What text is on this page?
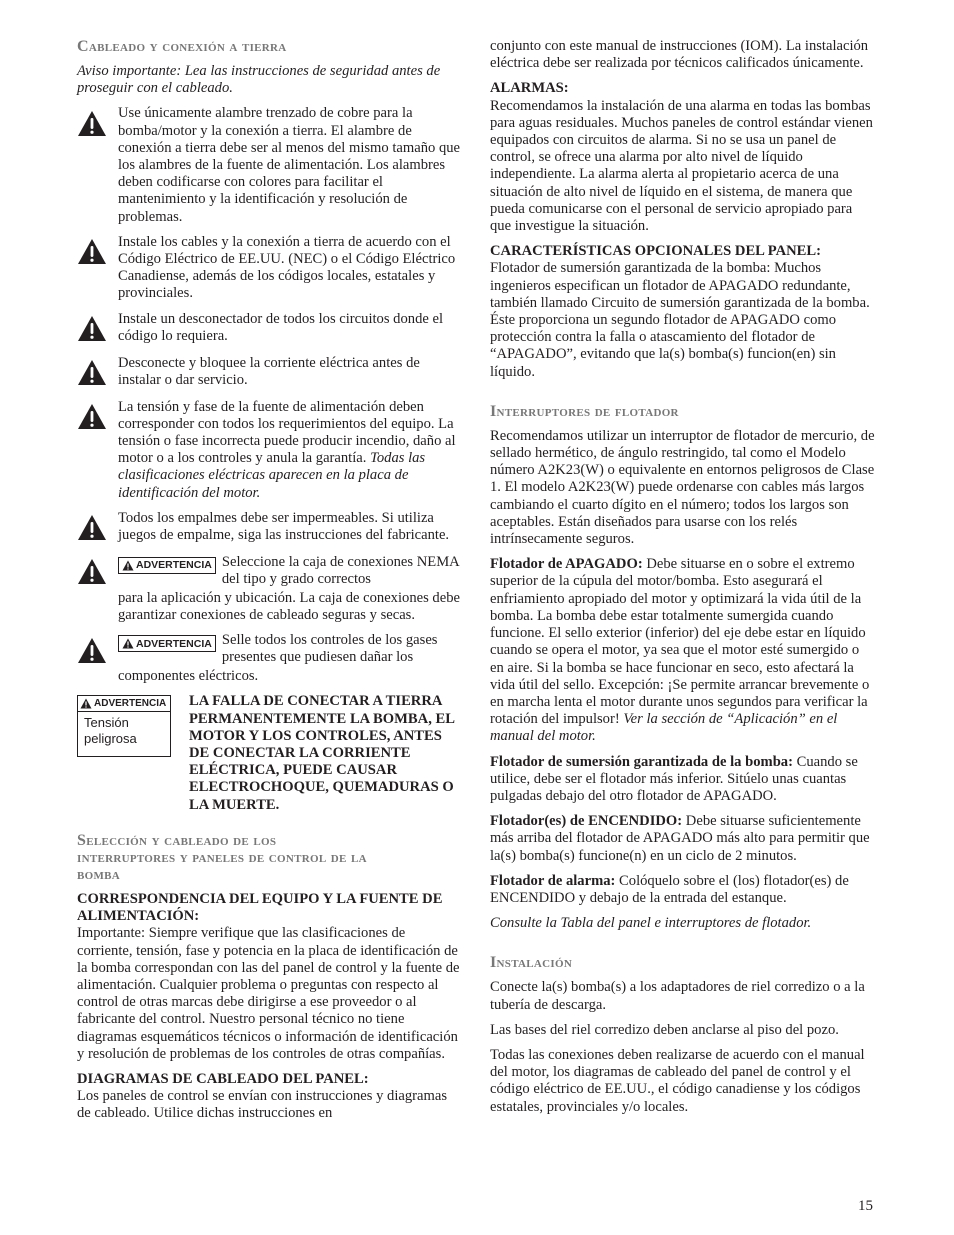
Cableado y conexión a tierra

Aviso importante: Lea las instrucciones de seguridad antes de proseguir con el cableado.

Use únicamente alambre trenzado de cobre para la bomba/motor y la conexión a tierra. El alambre de conexión a tierra debe ser al menos del mismo tamaño que los alambres de la fuente de alimentación. Los alambres deben codificarse con colores para facilitar el mantenimiento y la identificación y resolución de problemas.
Instale los cables y la conexión a tierra de acuerdo con el Código Eléctrico de EE.UU. (NEC) o el Código Eléctrico Canadiense, además de los códigos locales, estatales y provinciales.
Instale un desconectador de todos los circuitos donde el código lo requiera.
Desconecte y bloquee la corriente eléctrica antes de instalar o dar servicio.
La tensión y fase de la fuente de alimentación deben corresponder con todos los requerimientos del equipo. La tensión o fase incorrecta puede producir incendio, daño al motor o a los controles y anula la garantía. Todas las clasificaciones eléctricas aparecen en la placa de identificación del motor.
Todos los empalmes debe ser impermeables. Si utiliza juegos de empalme, siga las instrucciones del fabricante.
ADVERTENCIA Seleccione la caja de conexiones NEMA del tipo y grado correctos
para la aplicación y ubicación. La caja de conexiones debe garantizar conexiones de cableado seguras y secas.
ADVERTENCIA Selle todos los controles de los gases presentes que pudiesen dañar los
componentes eléctricos.
ADVERTENCIA
Tensión peligrosa
LA FALLA DE CONECTAR A TIERRA PERMANENTEMENTE LA BOMBA, EL MOTOR Y LOS CONTROLES, ANTES DE CONECTAR LA CORRIENTE ELÉCTRICA, PUEDE CAUSAR ELECTROCHOQUE, QUEMADURAS O LA MUERTE.
Selección y cableado de los interruptores y paneles de control de la bomba

CORRESPONDENCIA DEL EQUIPO Y LA FUENTE DE ALIMENTACIÓN:
Importante: Siempre verifique que las clasificaciones de corriente, tensión, fase y potencia en la placa de identificación de la bomba correspondan con las del panel de control y la fuente de alimentación. Cualquier problema o preguntas con respecto al control de otras marcas debe dirigirse a ese proveedor o al fabricante del control. Nuestro personal técnico no tiene diagramas esquemáticos técnicos o información de identificación y resolución de problemas de los controles de otras compañías.

DIAGRAMAS DE CABLEADO DEL PANEL:
Los paneles de control se envían con instrucciones y diagramas de cableado. Utilice dichas instrucciones en

conjunto con este manual de instrucciones (IOM). La instalación eléctrica debe ser realizada por técnicos calificados únicamente.

ALARMAS:
Recomendamos la instalación de una alarma en todas las bombas para aguas residuales. Muchos paneles de control estándar vienen equipados con circuitos de alarma. Si no se usa un panel de control, se ofrece una alarma por alto nivel de líquido independiente. La alarma alerta al propietario acerca de una situación de alto nivel de líquido en el sistema, de manera que pueda comunicarse con el personal de servicio apropiado para que investigue la situación.

CARACTERÍSTICAS OPCIONALES DEL PANEL:
Flotador de sumersión garantizada de la bomba: Muchos ingenieros especifican un flotador de APAGADO redundante, también llamado Circuito de sumersión garantizada de la bomba. Éste proporciona un segundo flotador de APAGADO como protección contra la falla o atascamiento del flotador de “APAGADO”, evitando que la(s) bomba(s) funcion(en) sin líquido.

Interruptores de flotador

Recomendamos utilizar un interruptor de flotador de mercurio, de sellado hermético, de ángulo restringido, tal como el Modelo número A2K23(W) o equivalente en entornos peligrosos de Clase 1. El modelo A2K23(W) puede ordenarse con cables más largos cambiando el cuarto dígito en el número; todos los largos son aceptables. Están diseñados para usarse con los relés intrínsecamente seguros.

Flotador de APAGADO: Debe situarse en o sobre el extremo superior de la cúpula del motor/bomba. Esto asegurará el enfriamiento apropiado del motor y optimizará la vida útil de la bomba. La bomba debe estar totalmente sumergida cuando funcione. El sello exterior (inferior) del eje debe estar en líquido cuando se opera el motor, ya sea que el motor esté sumergido o en aire. Si la bomba se hace funcionar en seco, esto afectará la vida útil del sello. Excepción: ¡Se permite arrancar brevemente o en marcha lenta el motor durante unos segundos para verificar la rotación del impulsor! Ver la sección de “Aplicación” en el manual del motor.

Flotador de sumersión garantizada de la bomba: Cuando se utilice, debe ser el flotador más inferior. Sitúelo unas cuantas pulgadas debajo del otro flotador de APAGADO.

Flotador(es) de ENCENDIDO: Debe situarse suficientemente más arriba del flotador de APAGADO más alto para permitir que la(s) bomba(s) funcione(n) en un ciclo de 2 minutos.

Flotador de alarma: Colóquelo sobre el (los) flotador(es) de ENCENDIDO y debajo de la entrada del estanque.

Consulte la Tabla del panel e interruptores de flotador.

Instalación

Conecte la(s) bomba(s) a los adaptadores de riel corredizo o a la tubería de descarga.

Las bases del riel corredizo deben anclarse al piso del pozo.

Todas las conexiones deben realizarse de acuerdo con el manual del motor, los diagramas de cableado del panel de control y el código eléctrico de EE.UU., el código canadiense y los códigos estatales, provinciales y/o locales.

15
